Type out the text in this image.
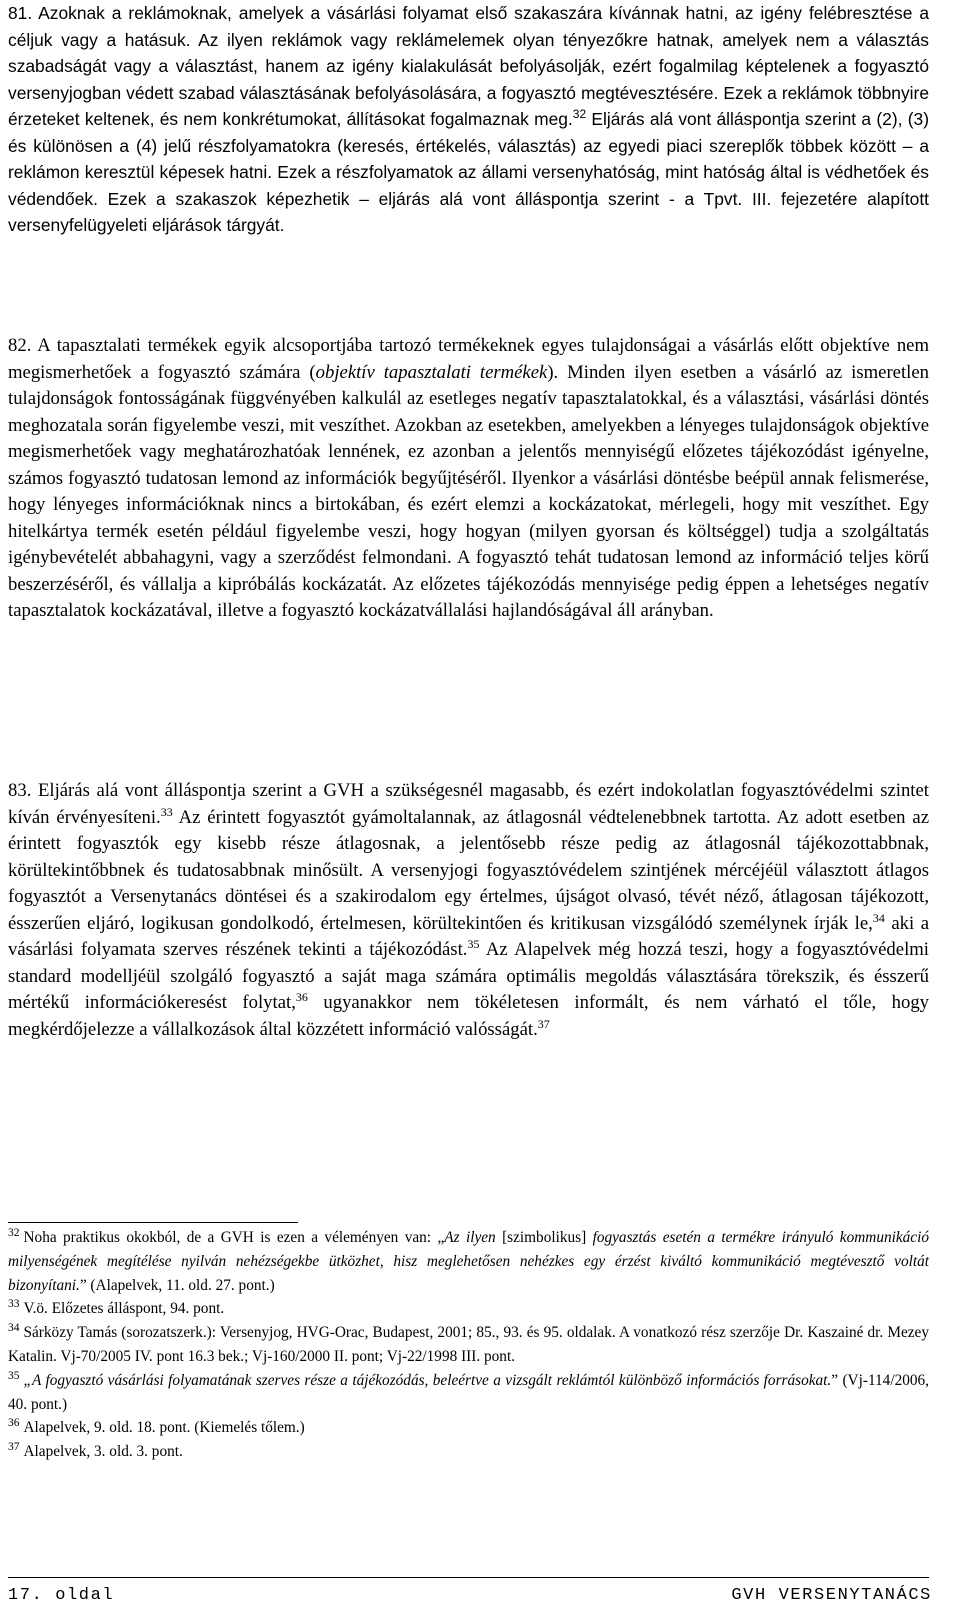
81. Azoknak a reklámoknak, amelyek a vásárlási folyamat első szakaszára kívánnak hatni, az igény felébresztése a céljuk vagy a hatásuk. Az ilyen reklámok vagy reklámelemek olyan tényezőkre hatnak, amelyek nem a választás szabadságát vagy a választást, hanem az igény kialakulását befolyásolják, ezért fogalmilag képtelenek a fogyasztó versenyjogban védett szabad választásának befolyásolására, a fogyasztó megtévesztésére. Ezek a reklámok többnyire érzeteket keltenek, és nem konkrétumokat, állításokat fogalmaznak meg.$^{32}$ Eljárás alá vont álláspontja szerint a (2), (3) és különösen a (4) jelű részfolyamatokra (keresés, értékelés, választás) az egyedi piaci szereplők többek között – a reklámon keresztül képesek hatni. Ezek a részfolyamatok az állami versenyhatóság, mint hatóság által is védhetőek és védendőek. Ezek a szakaszok képezhetik – eljárás alá vont álláspontja szerint - a Tpvt. III. fejezetére alapított versenyfelügyeleti eljárások tárgyát.

82. A tapasztalati termékek egyik alcsoportjába tartozó termékeknek egyes tulajdonságai a vásárlás előtt objektíve nem megismerhetőek a fogyasztó számára (objektív tapasztalati termékek). Minden ilyen esetben a vásárló az ismeretlen tulajdonságok fontosságának függvényében kalkulál az esetleges negatív tapasztalatokkal, és a választási, vásárlási döntés meghozatala során figyelembe veszi, mit veszíthet. Azokban az esetekben, amelyekben a lényeges tulajdonságok objektíve megismerhetőek vagy meghatározhatóak lennének, ez azonban a jelentős mennyiségű előzetes tájékozódást igényelne, számos fogyasztó tudatosan lemond az információk begyűjtéséről. Ilyenkor a vásárlási döntésbe beépül annak felismerése, hogy lényeges információknak nincs a birtokában, és ezért elemzi a kockázatokat, mérlegeli, hogy mit veszíthet. Egy hitelkártya termék esetén például figyelembe veszi, hogy hogyan (milyen gyorsan és költséggel) tudja a szolgáltatás igénybevételét abbahagyni, vagy a szerződést felmondani. A fogyasztó tehát tudatosan lemond az információ teljes körű beszerzéséről, és vállalja a kipróbálás kockázatát. Az előzetes tájékozódás mennyisége pedig éppen a lehetséges negatív tapasztalatok kockázatával, illetve a fogyasztó kockázatvállalási hajlandóságával áll arányban.

83. Eljárás alá vont álláspontja szerint a GVH a szükségesnél magasabb, és ezért indokolatlan fogyasztóvédelmi szintet kíván érvényesíteni.$^{33}$ Az érintett fogyasztót gyámoltalannak, az átlagosnál védtelenebbnek tartotta. Az adott esetben az érintett fogyasztók egy kisebb része átlagosnak, a jelentősebb része pedig az átlagosnál tájékozottabbnak, körültekintőbbnek és tudatosabbnak minősült. A versenyjogi fogyasztóvédelem szintjének mércéjéül választott átlagos fogyasztót a Versenytanács döntései és a szakirodalom egy értelmes, újságot olvasó, tévét néző, átlagosan tájékozott, ésszerűen eljáró, logikusan gondolkodó, értelmesen, körültekintően és kritikusan vizsgálódó személynek írják le,$^{34}$ aki a vásárlási folyamata szerves részének tekinti a tájékozódást.$^{35}$ Az Alapelvek még hozzá teszi, hogy a fogyasztóvédelmi standard modelljéül szolgáló fogyasztó a saját maga számára optimális megoldás választására törekszik, és ésszerű mértékű információkeresést folytat,$^{36}$ ugyanakkor nem tökéletesen informált, és nem várható el tőle, hogy megkérdőjelezze a vállalkozások által közzétett információ valósságát.$^{37}$

$^{32}$ Noha praktikus okokból, de a GVH is ezen a véleményen van: „Az ilyen [szimbolikus] fogyasztás esetén a termékre irányuló kommunikáció milyenségének megítélése nyilván nehézségekbe ütközhet, hisz meglehetősen nehézkes egy érzést kiváltó kommunikáció megtévesztő voltát bizonyítani.” (Alapelvek, 11. old. 27. pont.)

$^{33}$ V.ö. Előzetes álláspont, 94. pont.

$^{34}$ Sárközy Tamás (sorozatszerk.): Versenyjog, HVG-Orac, Budapest, 2001; 85., 93. és 95. oldalak. A vonatkozó rész szerzője Dr. Kaszainé dr. Mezey Katalin. Vj-70/2005 IV. pont 16.3 bek.; Vj-160/2000 II. pont; Vj-22/1998 III. pont.

$^{35}$ „A fogyasztó vásárlási folyamatának szerves része a tájékozódás, beleértve a vizsgált reklámtól különböző információs forrásokat.” (Vj-114/2006, 40. pont.)

$^{36}$ Alapelvek, 9. old. 18. pont. (Kiemelés tőlem.)

$^{37}$ Alapelvek, 3. old. 3. pont.

17. oldal	GVH VERSENYTANÁCS
